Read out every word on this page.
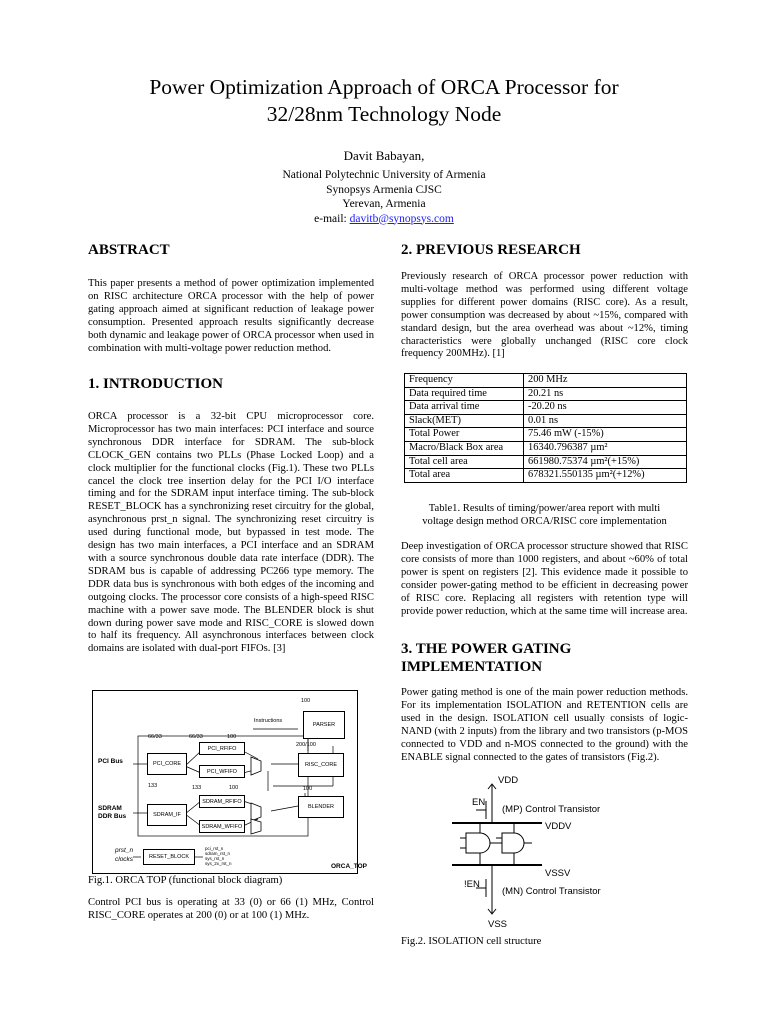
Power Optimization Approach of ORCA Processor for
32/28nm Technology Node
Davit Babayan,
National Polytechnic University of Armenia
Synopsys Armenia CJSC
Yerevan, Armenia
e-mail: davitb@synopsys.com
ABSTRACT
This paper presents a method of power optimization implemented on RISC architecture ORCA processor with the help of power gating approach aimed at significant reduction of leakage power consumption. Presented approach results significantly decrease both dynamic and leakage power of ORCA processor when used in combination with multi-voltage power reduction method.
1. INTRODUCTION
ORCA processor is a 32-bit CPU microprocessor core. Microprocessor has two main interfaces: PCI interface and source synchronous DDR interface for SDRAM. The sub-block CLOCK_GEN contains two PLLs (Phase Locked Loop) and a clock multiplier for the functional clocks (Fig.1). These two PLLs cancel the clock tree insertion delay for the PCI I/O interface timing and for the SDRAM input interface timing. The sub-block RESET_BLOCK has a synchronizing reset circuitry for the global, asynchronous prst_n signal. The synchronizing reset circuitry is used during functional mode, but bypassed in test mode. The design has two main interfaces, a PCI interface and an SDRAM with a source synchronous double data rate interface (DDR). The SDRAM bus is capable of addressing PC266 type memory. The DDR data bus is synchronous with both edges of the incoming and outgoing clocks. The processor core consists of a high-speed RISC machine with a power save mode. The BLENDER block is shut down during power save mode and RISC_CORE is slowed down to half its frequency. All asynchronous interfaces between clock domains are isolated with dual-port FIFOs. [3]
PARSER
PCI_RFIFO
PCI_CORE
PCI_WFIFO
RISC_CORE
SDRAM_RFIFO
SDRAM_IF
SDRAM_WFIFO
BLENDER
RESET_BLOCK
PCI Bus
SDRAM
DDR Bus
prst_n
clocks
ORCA_TOP
Instructions
66/33	66/33	100
100
200/100
133	133	100	100
pci_rst_n
sdram_rst_n
sys_rst_n
sys_2x_rst_n
Fig.1. ORCA TOP (functional block diagram)
Control PCI bus is operating at 33 (0) or 66 (1) MHz, Control RISC_CORE operates at 200 (0) or at 100 (1) MHz.
2. PREVIOUS RESEARCH
Previously research of ORCA processor power reduction with multi-voltage method was performed using different voltage supplies for different power domains (RISC core). As a result, power consumption was decreased by about ~15%, compared with standard design, but the area overhead was about ~12%, timing characteristics were globally unchanged (RISC core clock frequency 200MHz). [1]
Frequency	200 MHz
Data required time	20.21 ns
Data arrival time	-20.20 ns
Slack(MET)	0.01 ns
Total Power	75.46 mW (-15%)
Macro/Black Box area	16340.796387 µm²
Total cell area	661980.75374 µm²(+15%)
Total area	678321.550135 µm²(+12%)
Table1. Results of timing/power/area report with multi
voltage design method ORCA/RISC core implementation
Deep investigation of ORCA processor structure showed that RISC core consists of more than 1000 registers, and about ~60% of total power is spent on registers [2]. This evidence made it possible to consider power-gating method to be efficient in decreasing power of RISC core. Replacing all registers with retention type will provide power reduction, which at the same time will increase area.
3. THE POWER GATING
IMPLEMENTATION
Power gating method is one of the main power reduction methods. For its implementation ISOLATION and RETENTION cells are used in the design. ISOLATION cell usually consists of logic-NAND (with 2 inputs) from the library and two transistors (p-MOS connected to VDD and n-MOS connected to the ground) with the ENABLE signal connected to the gates of transistors (Fig.2).
VDD
EN
(MP) Control Transistor
VDDV
VSSV
!EN
(MN) Control Transistor
VSS
Fig.2. ISOLATION cell structure
